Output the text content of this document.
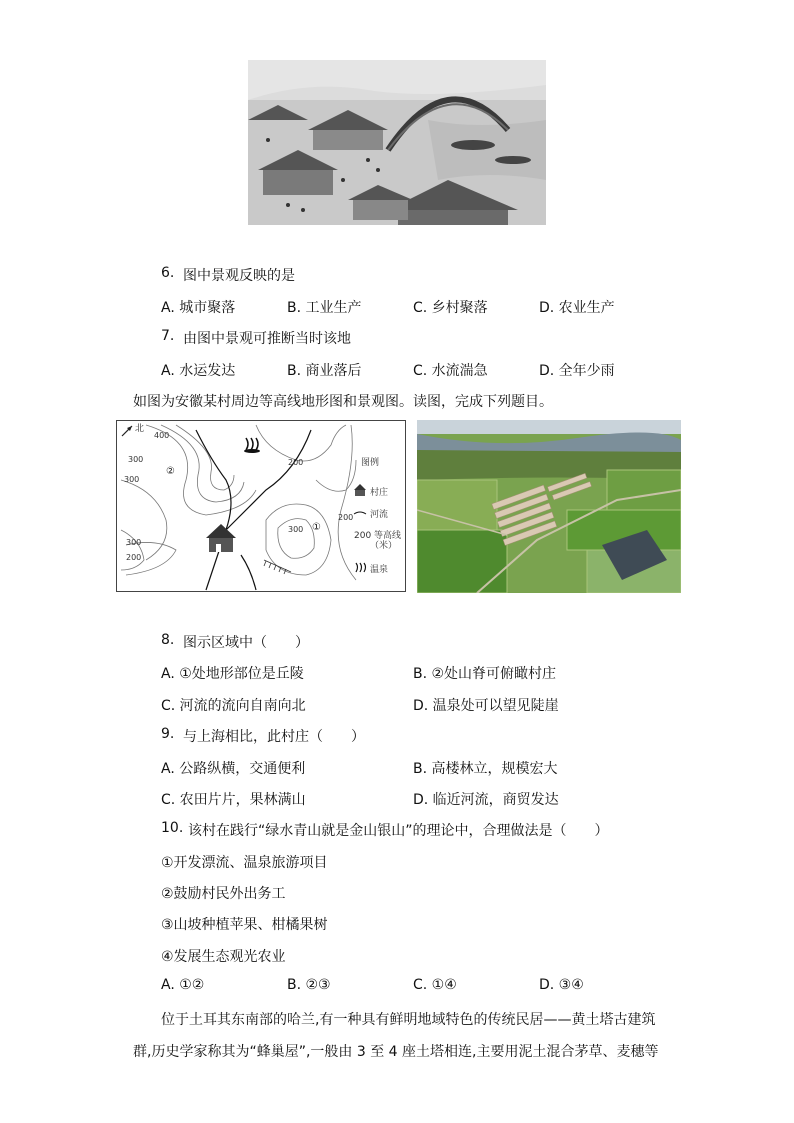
6. 图中景观反映的是
A. 城市聚落	B. 工业生产	C. 乡村聚落	D. 农业生产
7. 由图中景观可推断当时该地
A. 水运发达	B. 商业落后	C. 水流湍急	D. 全年少雨
如图为安徽某村周边等高线地形图和景观图。读图，完成下列题目。
北
400
300
300
200
200
300
200
300
②
①
图例
村庄
河流
200 等高线
（米）
温泉
8. 图示区域中（　　）
A. ①处地形部位是丘陵	B. ②处山脊可俯瞰村庄
C. 河流的流向自南向北	D. 温泉处可以望见陡崖
9. 与上海相比，此村庄（　　）
A. 公路纵横，交通便利	B. 高楼林立，规模宏大
C. 农田片片，果林满山	D. 临近河流，商贸发达
10. 该村在践行“绿水青山就是金山银山”的理论中，合理做法是（　　）
①开发漂流、温泉旅游项目
②鼓励村民外出务工
③山坡种植苹果、柑橘果树
④发展生态观光农业
A. ①②	B. ②③	C. ①④	D. ③④
位于土耳其东南部的哈兰,有一种具有鲜明地域特色的传统民居——黄土塔古建筑
群,历史学家称其为“蜂巢屋”,一般由 3 至 4 座土塔相连,主要用泥土混合茅草、麦穗等
